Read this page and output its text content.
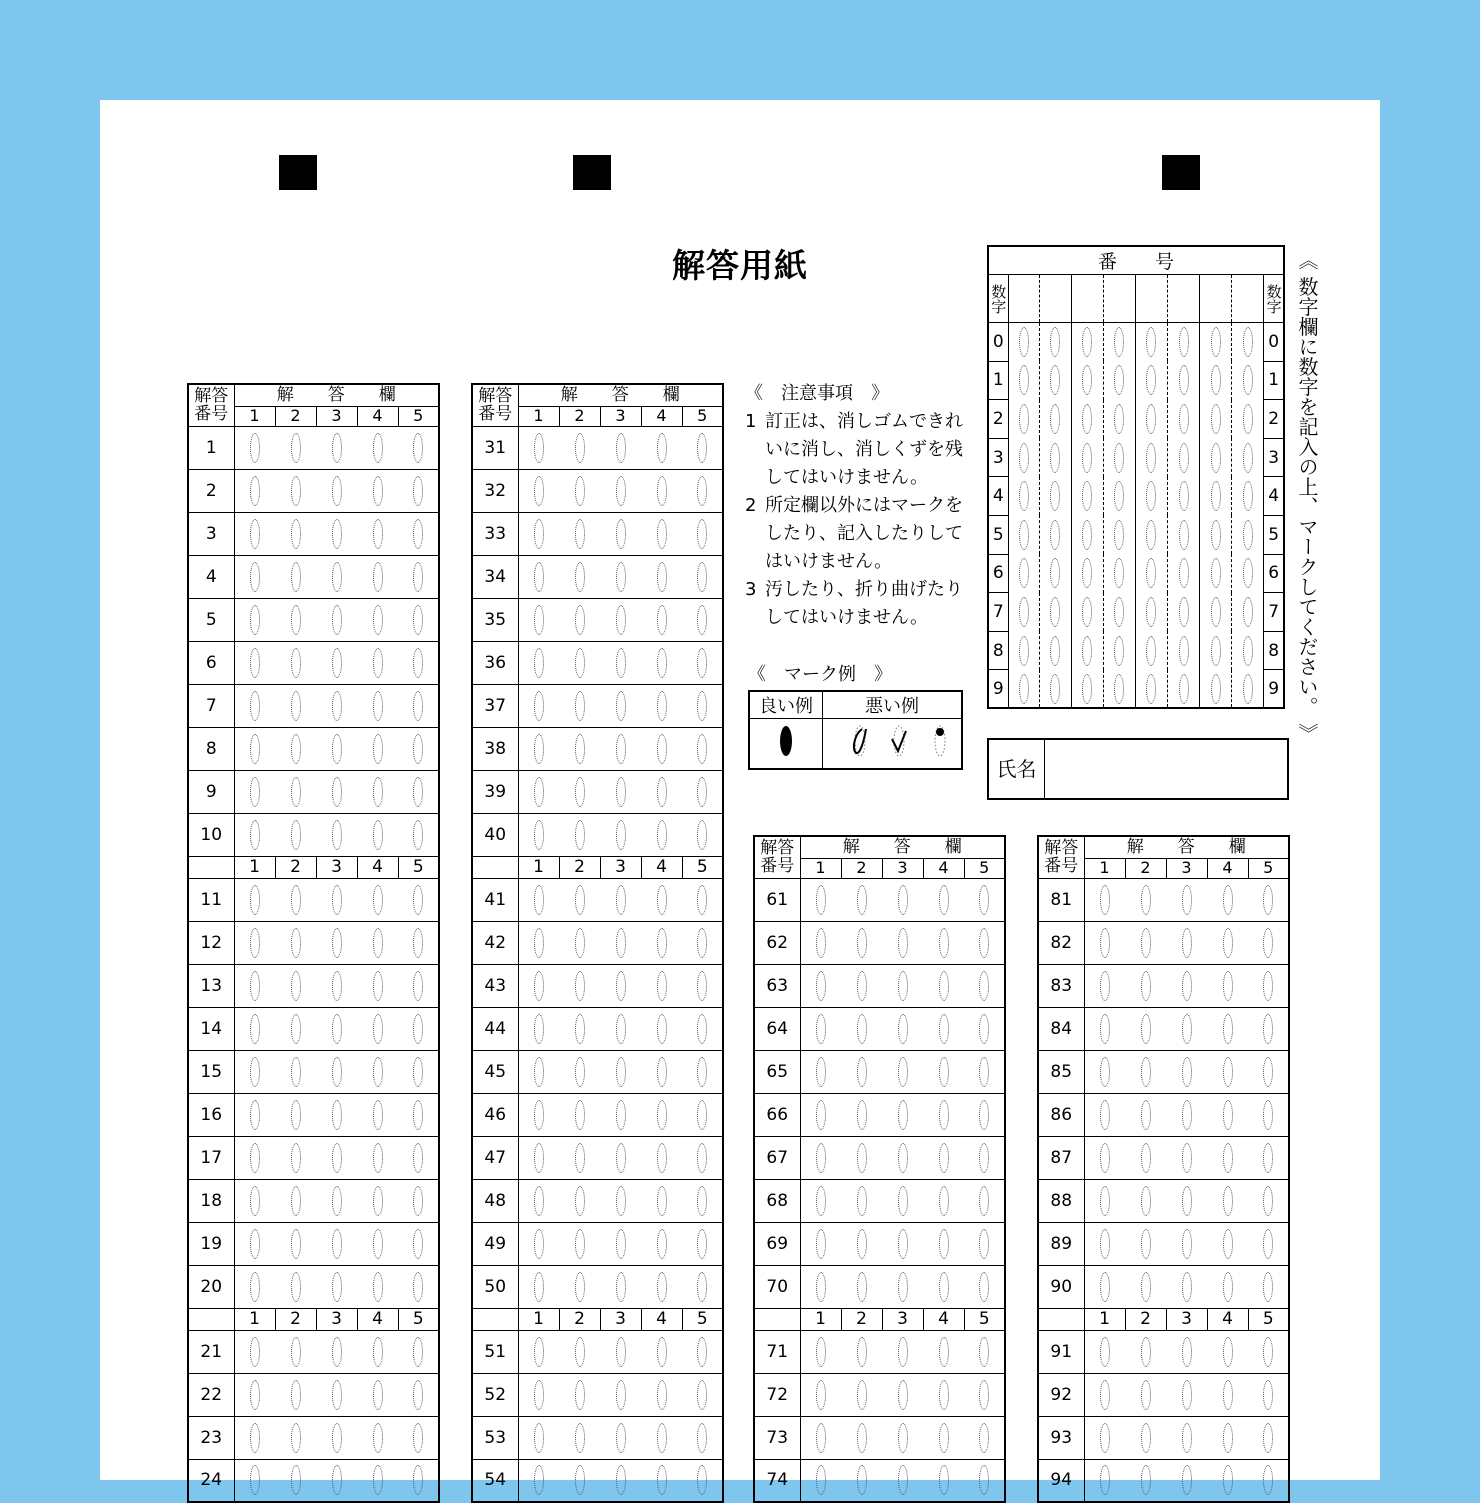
解答用紙
解答
番号	解　　答　　欄				
	1	2	3	4	5
1					
2					
3					
4					
5					
6					
7					
8					
9					
10					
	1	2	3	4	5
11					
12					
13					
14					
15					
16					
17					
18					
19					
20					
	1	2	3	4	5
21					
22					
23					
24					
解答
番号	解　　答　　欄				
	1	2	3	4	5
31					
32					
33					
34					
35					
36					
37					
38					
39					
40					
	1	2	3	4	5
41					
42					
43					
44					
45					
46					
47					
48					
49					
50					
	1	2	3	4	5
51					
52					
53					
54					
解答
番号	解　　答　　欄				
	1	2	3	4	5
61					
62					
63					
64					
65					
66					
67					
68					
69					
70					
	1	2	3	4	5
71					
72					
73					
74					
解答
番号	解　　答　　欄				
	1	2	3	4	5
81					
82					
83					
84					
85					
86					
87					
88					
89					
90					
	1	2	3	4	5
91					
92					
93					
94					
《　注意事項　》
1 訂正は、消しゴムできれいに消し、消しくずを残してはいけません。
2 所定欄以外にはマークをしたり、記入したりしてはいけません。
3 汚したり、折り曲げたりしてはいけません。
《　マーク例　》
良い例	悪い例

番　　号									
数字									数字
0									0
1									1
2									2
3									3
4									4
5									5
6									6
7									7
8									8
9									9 《 数字欄に数字を記入の上、マークしてください。 》
氏名
